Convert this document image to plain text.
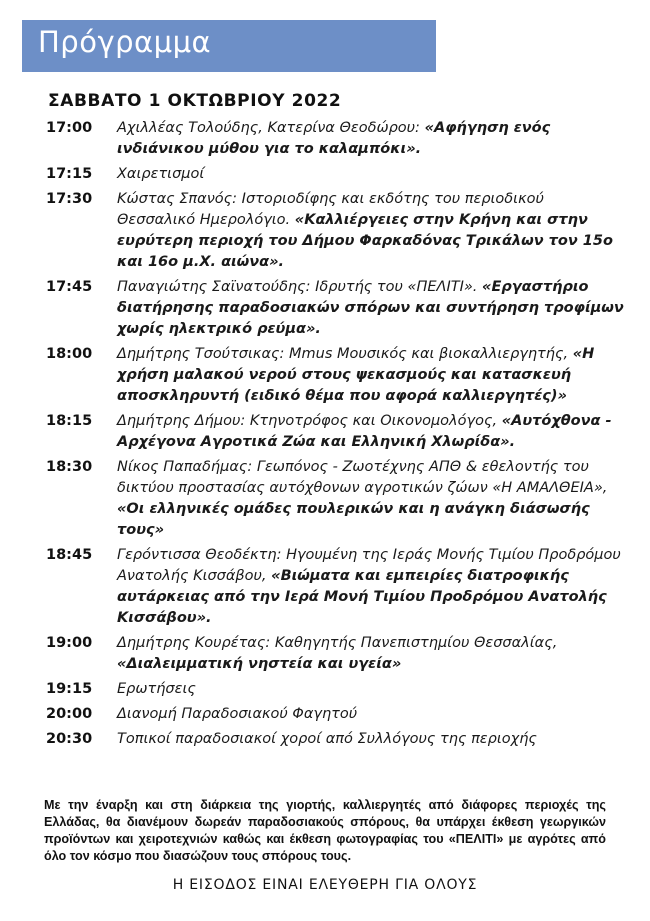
Πρόγραμμα
ΣΑΒΒΑΤΟ 1 ΟΚΤΩΒΡΙΟΥ 2022
17:00	Αχιλλέας Τολούδης, Κατερίνα Θεοδώρου: «Αφήγηση ενός ινδιάνικου μύθου για το καλαμπόκι».
17:15	Χαιρετισμοί
17:30	Κώστας Σπανός: Ιστοριοδίφης και εκδότης του περιοδικού Θεσσαλικό Ημερολόγιο. «Καλλιέργειες στην Κρήνη και στην ευρύτερη περιοχή του Δήμου Φαρκαδόνας Τρικάλων τον 15ο και 16ο μ.Χ. αιώνα».
17:45	Παναγιώτης Σαϊνατούδης: Ιδρυτής του «ΠΕΛΙΤΙ». «Εργαστήριο διατήρησης παραδοσιακών σπόρων και συντήρηση τροφίμων χωρίς ηλεκτρικό ρεύμα».
18:00	Δημήτρης Τσούτσικας: Mmus Μουσικός και βιοκαλλιεργητής, «Η χρήση μαλακού νερού στους ψεκασμούς και κατασκευή αποσκληρυντή (ειδικό θέμα που αφορά καλλιεργητές)»
18:15	Δημήτρης Δήμου: Κτηνοτρόφος και Οικονομολόγος, «Αυτόχθονα - Αρχέγονα Αγροτικά Ζώα και Ελληνική Χλωρίδα».
18:30	Νίκος Παπαδήμας: Γεωπόνος - Ζωοτέχνης ΑΠΘ & εθελοντής του δικτύου προστασίας αυτόχθονων αγροτικών ζώων «Η ΑΜΑΛΘΕΙΑ», «Οι ελληνικές ομάδες πουλερικών και η ανάγκη διάσωσής τους»
18:45	Γερόντισσα Θεοδέκτη: Ηγουμένη της Ιεράς Μονής Τιμίου Προδρόμου Ανατολής Κισσάβου, «Βιώματα και εμπειρίες διατροφικής αυτάρκειας από την Ιερά Μονή Τιμίου Προδρόμου Ανατολής Κισσάβου».
19:00	Δημήτρης Κουρέτας: Καθηγητής Πανεπιστημίου Θεσσαλίας, «Διαλειμματική νηστεία και υγεία»
19:15	Ερωτήσεις
20:00	Διανομή Παραδοσιακού Φαγητού
20:30	Τοπικοί παραδοσιακοί χοροί από Συλλόγους της περιοχής
Με την έναρξη και στη διάρκεια της γιορτής, καλλιεργητές από διάφορες περιοχές της Ελλάδας, θα διανέμουν δωρεάν παραδοσιακούς σπόρους, θα υπάρχει έκθεση γεωργικών προϊόντων και χειροτεχνιών καθώς και έκθεση φωτογραφίας του «ΠΕΛΙΤΙ» με αγρότες από όλο τον κόσμο που διασώζουν τους σπόρους τους.
Η ΕΙΣΟΔΟΣ ΕΙΝΑΙ ΕΛΕΥΘΕΡΗ ΓΙΑ ΟΛΟΥΣ
